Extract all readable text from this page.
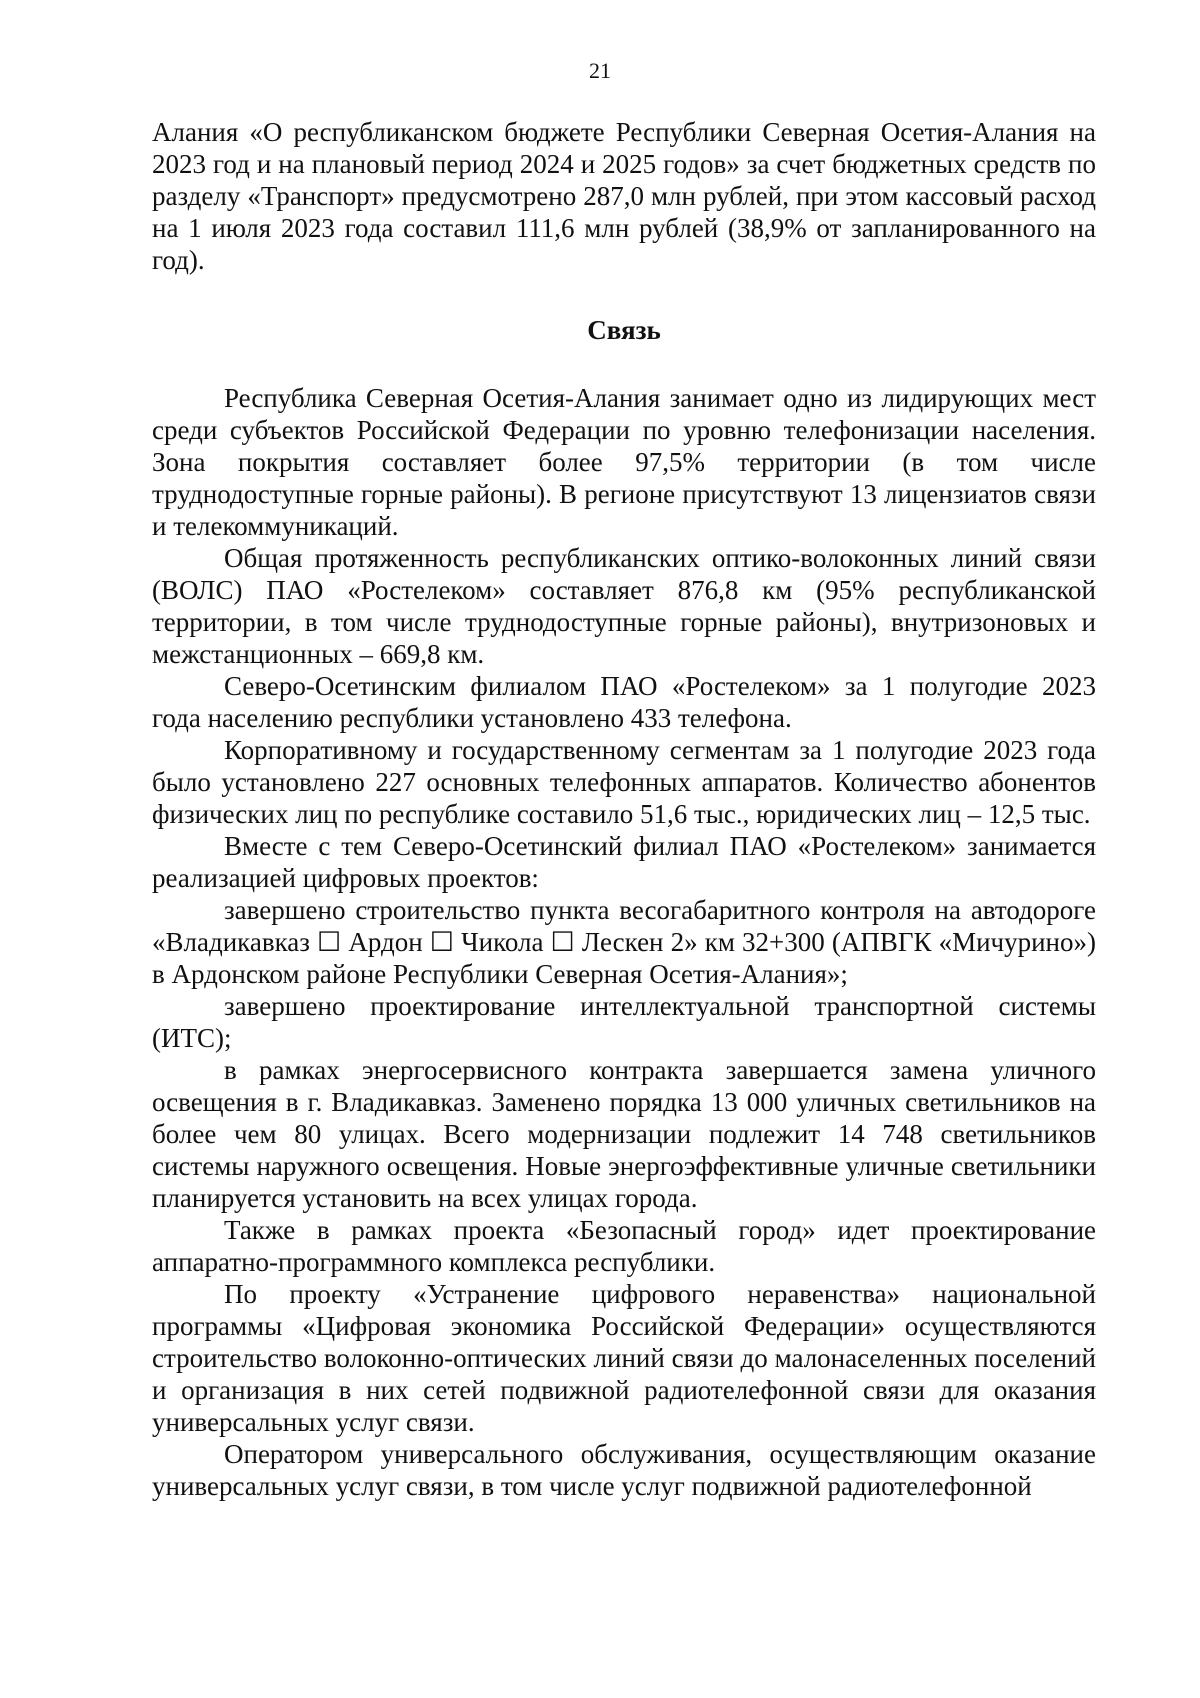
21

Алания «О республиканском бюджете Республики Северная Осетия-Алания на 2023 год и на плановый период 2024 и 2025 годов» за счет бюджетных средств по разделу «Транспорт» предусмотрено 287,0 млн рублей, при этом кассовый расход на 1 июля 2023 года составил 111,6 млн рублей (38,9% от запланированного на год).

Связь

Республика Северная Осетия-Алания занимает одно из лидирующих мест среди субъектов Российской Федерации по уровню телефонизации населения. Зона покрытия составляет более 97,5% территории (в том числе труднодоступные горные районы). В регионе присутствуют 13 лицензиатов связи и телекоммуникаций.

Общая протяженность республиканских оптико-волоконных линий связи (ВОЛС) ПАО «Ростелеком» составляет 876,8 км (95% республиканской территории, в том числе труднодоступные горные районы), внутризоновых и межстанционных – 669,8 км.

Северо-Осетинским филиалом ПАО «Ростелеком» за 1 полугодие 2023 года населению республики установлено 433 телефона.

Корпоративному и государственному сегментам за 1 полугодие 2023 года было установлено 227 основных телефонных аппаратов. Количество абонентов физических лиц по республике составило 51,6 тыс., юридических лиц – 12,5 тыс.

Вместе с тем Северо-Осетинский филиал ПАО «Ростелеком» занимается реализацией цифровых проектов:

завершено строительство пункта весогабаритного контроля на автодороге «Владикавказ ☐ Ардон ☐ Чикола ☐ Лескен 2» км 32+300 (АПВГК «Мичурино») в Ардонском районе Республики Северная Осетия-Алания»;

завершено проектирование интеллектуальной транспортной системы (ИТС);

в рамках энергосервисного контракта завершается замена уличного освещения в г. Владикавказ. Заменено порядка 13 000 уличных светильников на более чем 80 улицах. Всего модернизации подлежит 14 748 светильников системы наружного освещения. Новые энергоэффективные уличные светильники планируется установить на всех улицах города.

Также в рамках проекта «Безопасный город» идет проектирование аппаратно-программного комплекса республики.

По проекту «Устранение цифрового неравенства» национальной программы «Цифровая экономика Российской Федерации» осуществляются строительство волоконно-оптических линий связи до малонаселенных поселений и организация в них сетей подвижной радиотелефонной связи для оказания универсальных услуг связи.

Оператором универсального обслуживания, осуществляющим оказание универсальных услуг связи, в том числе услуг подвижной радиотелефонной
